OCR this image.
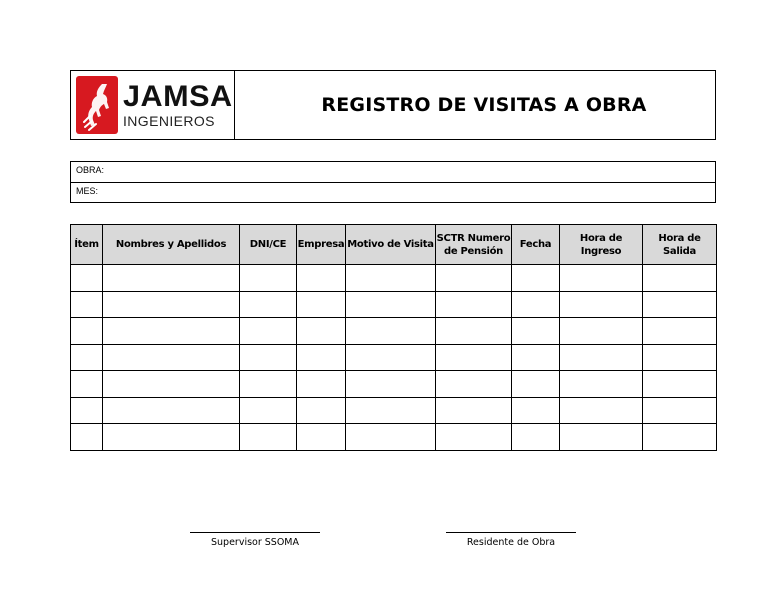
JAMSA
INGENIEROS
REGISTRO DE VISITAS A OBRA
OBRA:
MES:
Ítem	Nombres y Apellidos	DNI/CE	Empresa	Motivo de Visita	SCTR Numero de Pensión	Fecha	Hora de Ingreso	Hora de Salida

Supervisor SSOMA	Residente de Obra
